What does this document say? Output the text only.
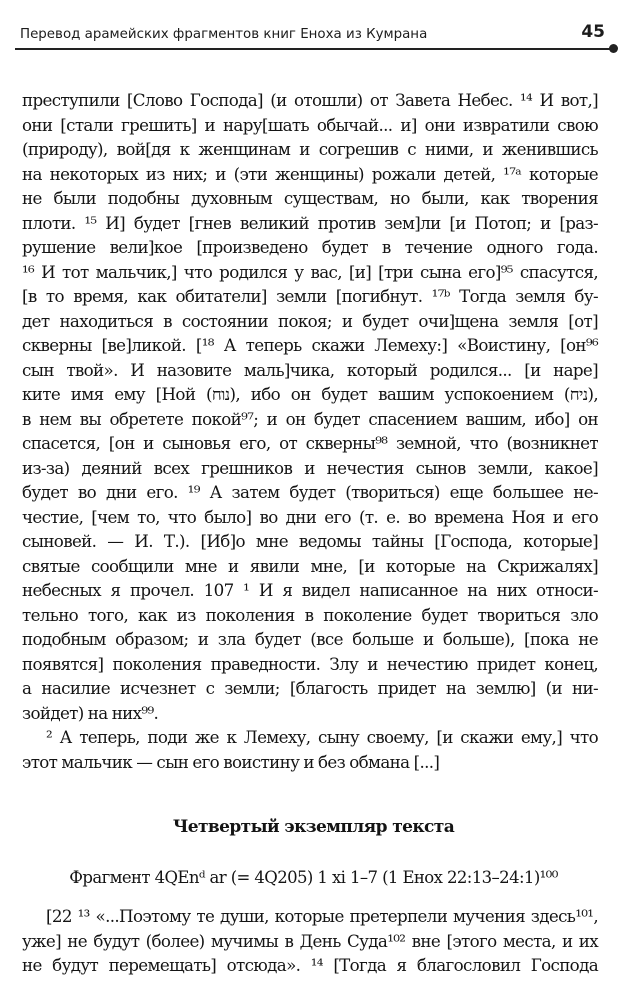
Перевод арамейских фрагментов книг Еноха из Кумрана	45
преступили [Слово Господа] (и отошли) от Завета Небес. ¹⁴ И вот,]
они [стали грешить] и нару[шать обычай... и] они извратили свою
(природу), вой[дя к женщинам и согрешив с ними, и женившись
на некоторых из них; и (эти женщины) рожали детей, ¹⁷ᵃ которые
не были подобны духовным существам, но были, как творения
плоти. ¹⁵ И] будет [гнев великий против зем]ли [и Потоп; и [раз-
рушение вели]кое [произведено будет в течение одного года.
¹⁶ И тот мальчик,] что родился у вас, [и] [три сына его]⁹⁵ спасутся,
[в то время, как обитатели] земли [погибнут. ¹⁷ᵇ Тогда земля бу-
дет находиться в состоянии покоя; и будет очи]щена земля [от]
скверны [ве]ликой. [¹⁸ А теперь скажи Лемеху:] «Воистину, [он⁹⁶
сын твой». И назовите маль]чика, который родился... [и наре]
ките имя ему [Ной (נוח), ибо он будет вашим успокоением (ניח),
в нем вы обретете покой⁹⁷; и он будет спасением вашим, ибо] он
спасется, [он и сыновья его, от скверны⁹⁸ земной, что (возникнет
из-за) деяний всех грешников и нечестия сынов земли, какое]
будет во дни его. ¹⁹ А затем будет (твориться) еще большее не-
честие, [чем то, что было] во дни его (т. е. во времена Ноя и его
сыновей. — И. Т.). [Иб]о мне ведомы тайны [Господа, которые]
святые сообщили мне и явили мне, [и которые на Скрижалях]
небесных я прочел. 107 ¹ И я видел написанное на них относи-
тельно того, как из поколения в поколение будет твориться зло
подобным образом; и зла будет (все больше и больше), [пока не
появятся] поколения праведности. Злу и нечестию придет конец,
а насилие исчезнет с земли; [благость придет на землю] (и ни-
зойдет) на них⁹⁹.
² А теперь, поди же к Лемеху, сыну своему, [и скажи ему,] что
этот мальчик — сын его воистину и без обмана [...]
Четвертый экземпляр текста
Фрагмент 4QEnᵈ ar (= 4Q205) 1 xi 1–7 (1 Енох 22:13–24:1)¹⁰⁰
[22 ¹³ «...Поэтому те души, которые претерпели мучения здесь¹⁰¹,
уже] не будут (более) мучимы в День Суда¹⁰² вне [этого места, и их
не будут перемещать] отсюда». ¹⁴ [Тогда я благословил Господа
